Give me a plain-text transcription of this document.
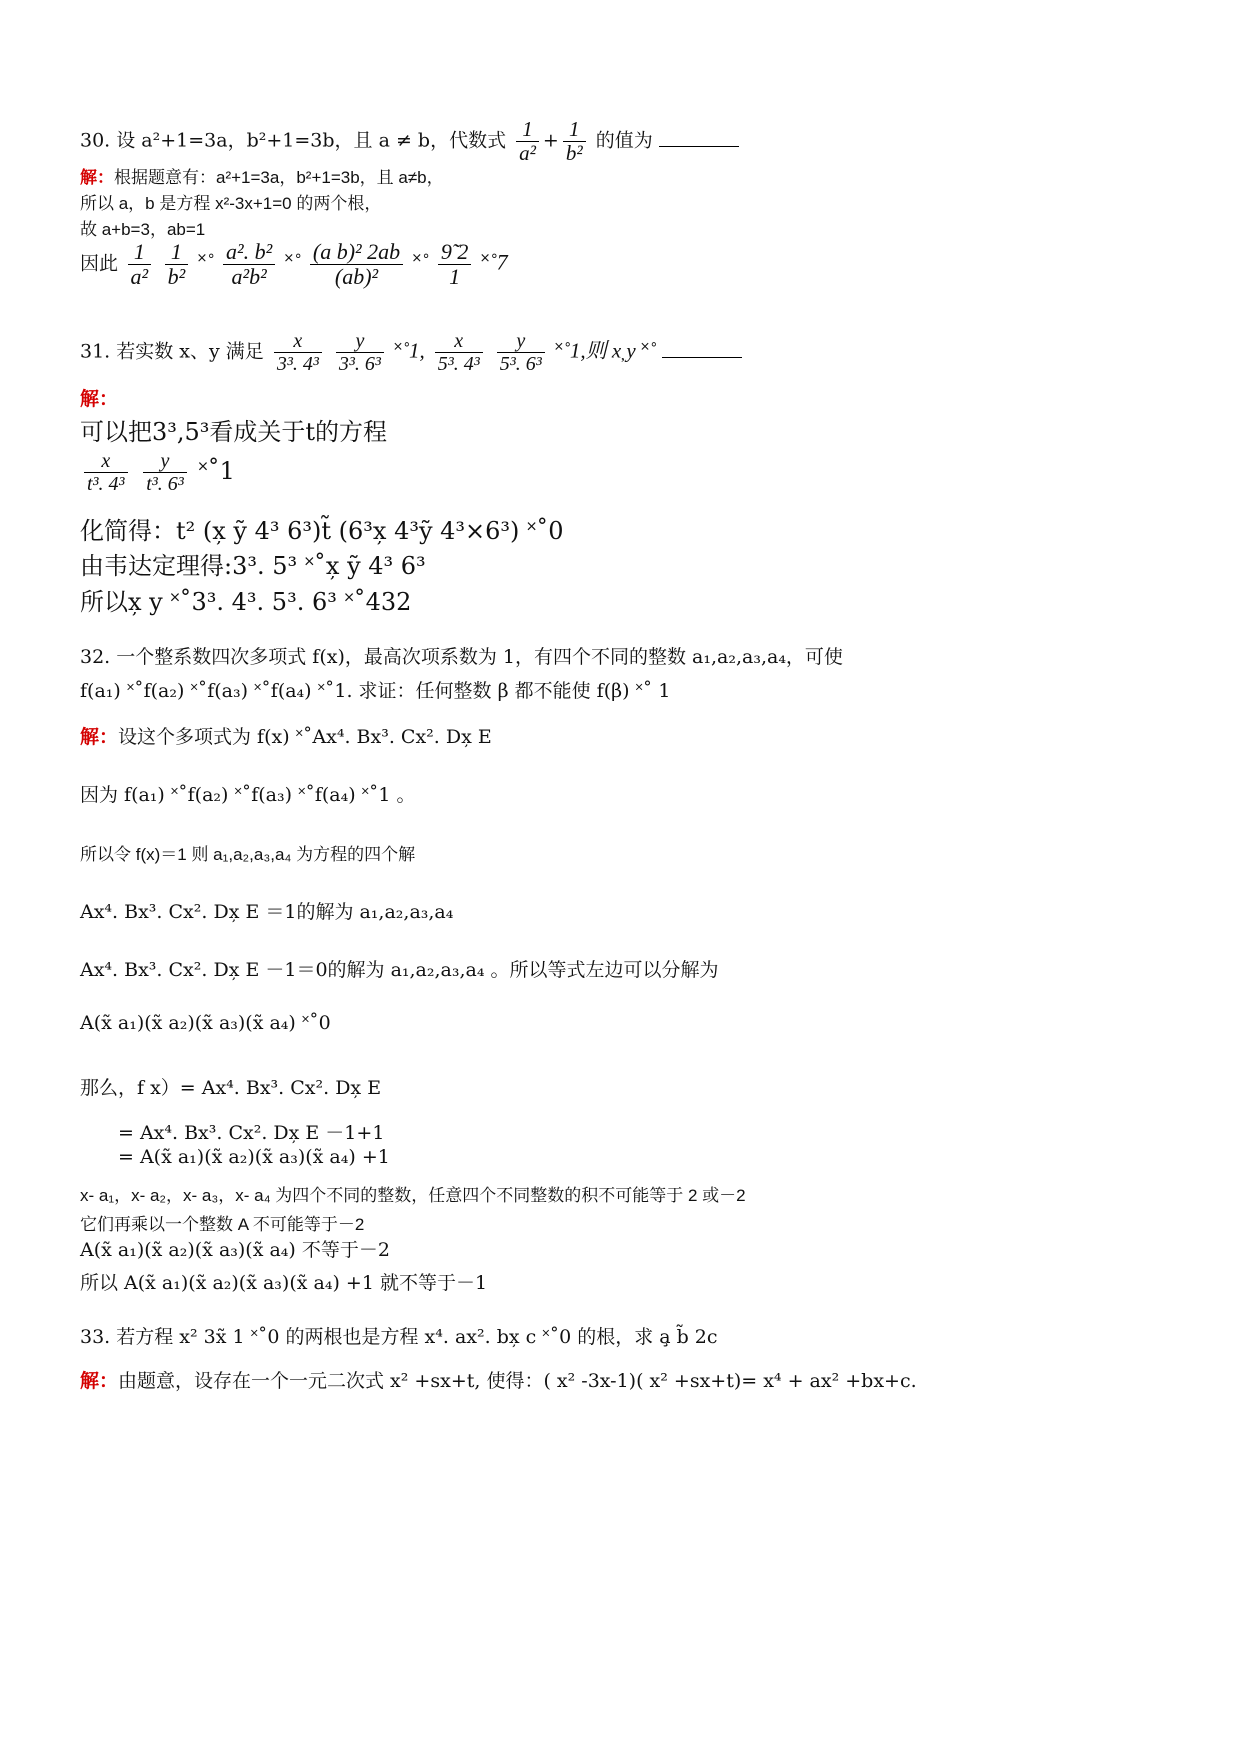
30. 设 a²+1=3a，b²+1=3b，且 a ≠ b，代数式 $\frac{1}{\text{a²}} + \frac{1}{\text{b²}}$ 的值为
解：根据题意有：a²+1=3a，b²+1=3b，且 a≠b，
所以 a，b 是方程 x²-3x+1=0 的两个根，
故 a+b=3，ab=1
因此 $\frac{1}{\text{a²}}$
$\frac{1}{\text{b²}}$ ˟˚ $\frac{\text{a². b²}}{\text{a²b²}}$ ˟˚ $\frac{\text{(a b)² 2ab}}{\text{(ab)²}}$ ˟˚ $\frac{9̃ 2}{1}$ ˟˚7
31. 若实数 x、y 满足 $\frac{x}{\text{3³. 4³}}$
$\frac{y}{\text{3³. 6³}}$ ˟˚1, $\frac{x}{\text{5³. 4³}}$
$\frac{y}{\text{5³. 6³}}$ ˟˚1,则 x̦ y ˟˚
解：
可以把3³,5³看成关于t的方程
$\frac{x}{\text{t³. 4³}}$
$\frac{y}{\text{t³. 6³}}$ ˟˚1
化简得：t² (x̦ ỹ 4³ 6³)t̃ (6³x̦ 4³ỹ 4³×6³) ˟˚0
由韦达定理得:3³. 5³ ˟˚x̦ ỹ 4³ 6³
所以x̦ y ˟˚3³. 4³. 5³. 6³ ˟˚432
32. 一个整系数四次多项式 f(x)，最高次项系数为 1，有四个不同的整数 a₁,a₂,a₃,a₄，可使
f(a₁) ˟˚f(a₂) ˟˚f(a₃) ˟˚f(a₄) ˟˚1. 求证：任何整数 β 都不能使 f(β) ˟˚ 1
解：设这个多项式为 f(x) ˟˚Ax⁴. Bx³. Cx². Dx̦ E
因为 f(a₁) ˟˚f(a₂) ˟˚f(a₃) ˟˚f(a₄) ˟˚1 。
所以令 f(x)＝1 则 a₁,a₂,a₃,a₄ 为方程的四个解
Ax⁴. Bx³. Cx². Dx̦ E ＝1的解为 a₁,a₂,a₃,a₄
Ax⁴. Bx³. Cx². Dx̦ E －1＝0的解为 a₁,a₂,a₃,a₄ 。所以等式左边可以分解为
A(x̃ a₁)(x̃ a₂)(x̃ a₃)(x̃ a₄) ˟˚0
那么，f x）= Ax⁴. Bx³. Cx². Dx̦ E
= Ax⁴. Bx³. Cx². Dx̦ E －1+1
= A(x̃ a₁)(x̃ a₂)(x̃ a₃)(x̃ a₄) +1
x- a₁，x- a₂，x- a₃，x- a₄ 为四个不同的整数，任意四个不同整数的积不可能等于 2 或－2
它们再乘以一个整数 A 不可能等于－2
A(x̃ a₁)(x̃ a₂)(x̃ a₃)(x̃ a₄) 不等于－2
所以 A(x̃ a₁)(x̃ a₂)(x̃ a₃)(x̃ a₄) +1 就不等于－1
33. 若方程 x² 3x̃ 1 ˟˚0 的两根也是方程 x⁴. ax². bx̦ c ˟˚0 的根，求 a̧ b̃ 2c
解：由题意，设存在一个一元二次式 x² +sx+t, 使得：( x² -3x-1)( x² +sx+t)= x⁴ + ax² +bx+c.
